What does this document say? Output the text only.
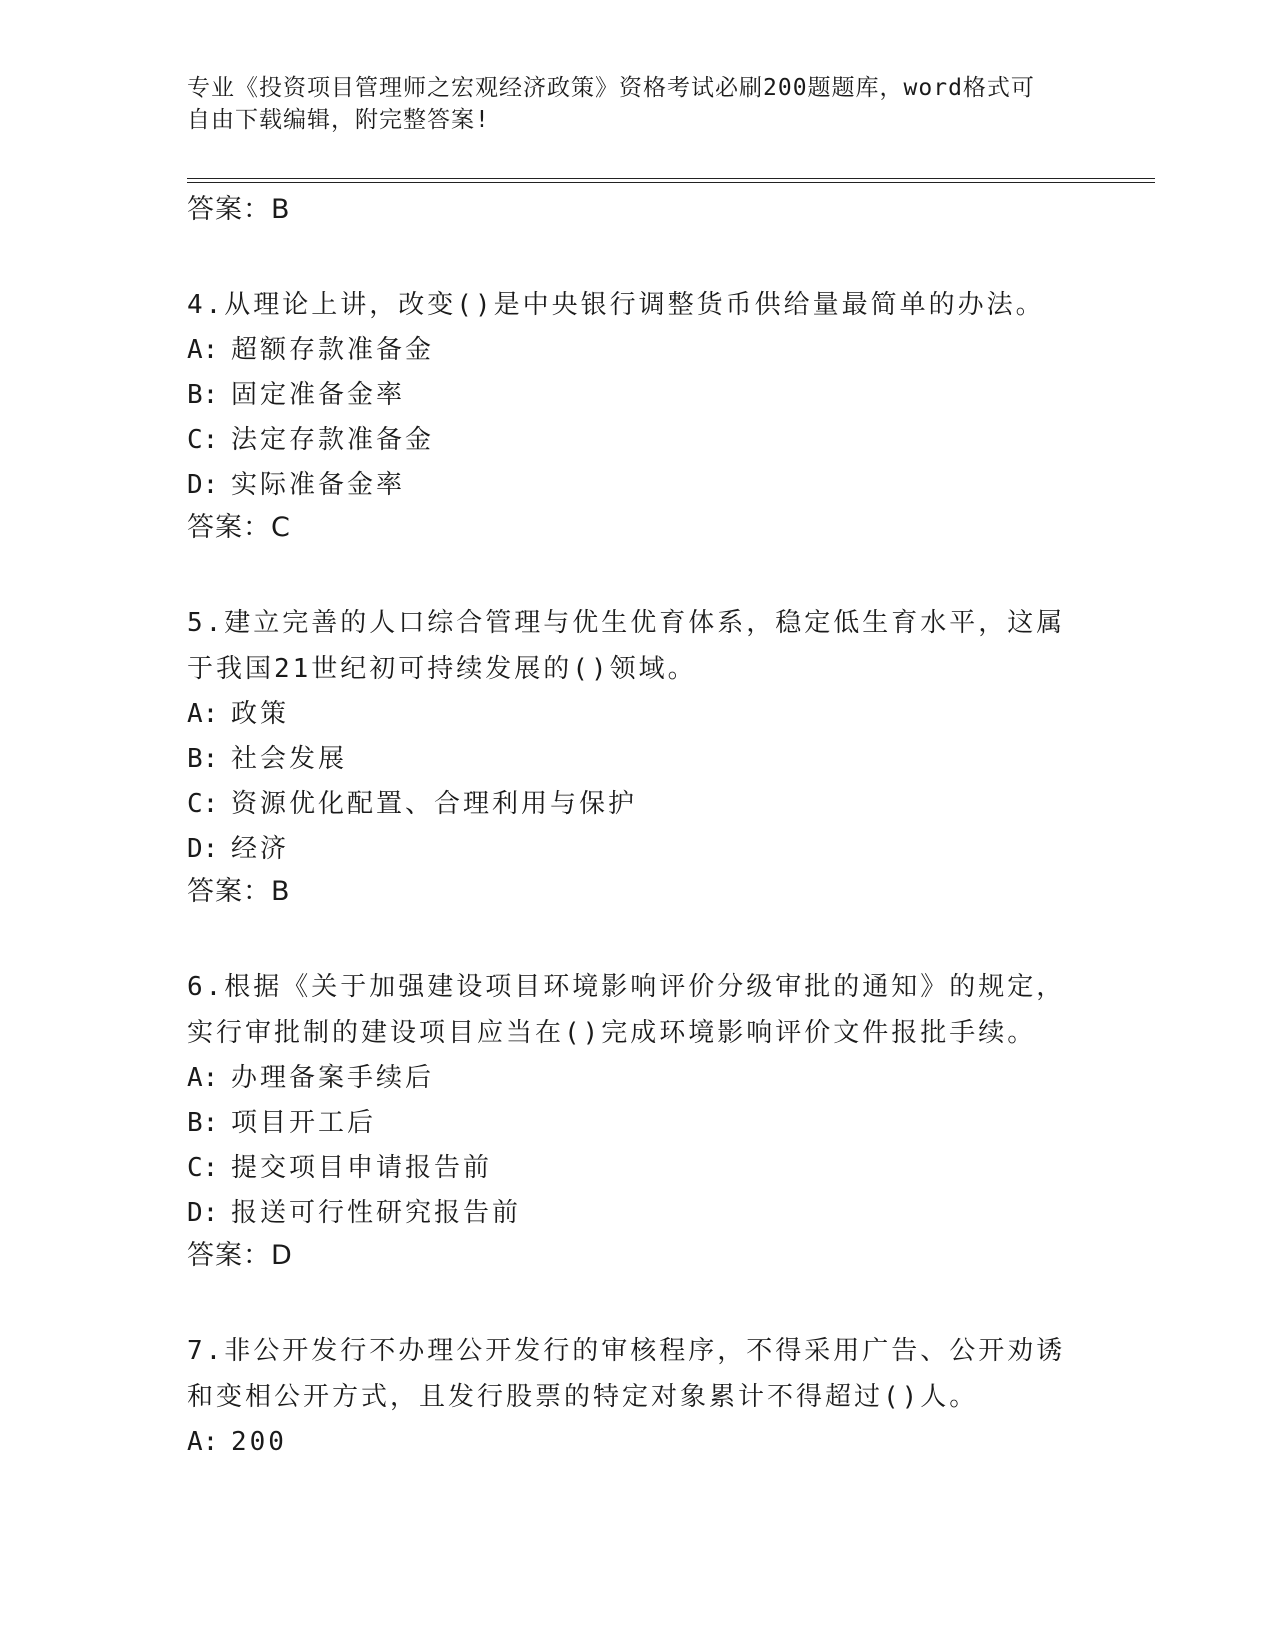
专业《投资项目管理师之宏观经济政策》资格考试必刷200题题库，word格式可
自由下载编辑，附完整答案!

答案：B

4.从理论上讲，改变()是中央银行调整货币供给量最简单的办法。

A: 超额存款准备金

B: 固定准备金率

C: 法定存款准备金

D: 实际准备金率

答案：C

5.建立完善的人口综合管理与优生优育体系，稳定低生育水平，这属

于我国21世纪初可持续发展的()领域。

A: 政策

B: 社会发展

C: 资源优化配置、合理利用与保护

D: 经济

答案：B

6.根据《关于加强建设项目环境影响评价分级审批的通知》的规定，

实行审批制的建设项目应当在()完成环境影响评价文件报批手续。

A: 办理备案手续后

B: 项目开工后

C: 提交项目申请报告前

D: 报送可行性研究报告前

答案：D

7.非公开发行不办理公开发行的审核程序，不得采用广告、公开劝诱

和变相公开方式，且发行股票的特定对象累计不得超过()人。

A: 200
